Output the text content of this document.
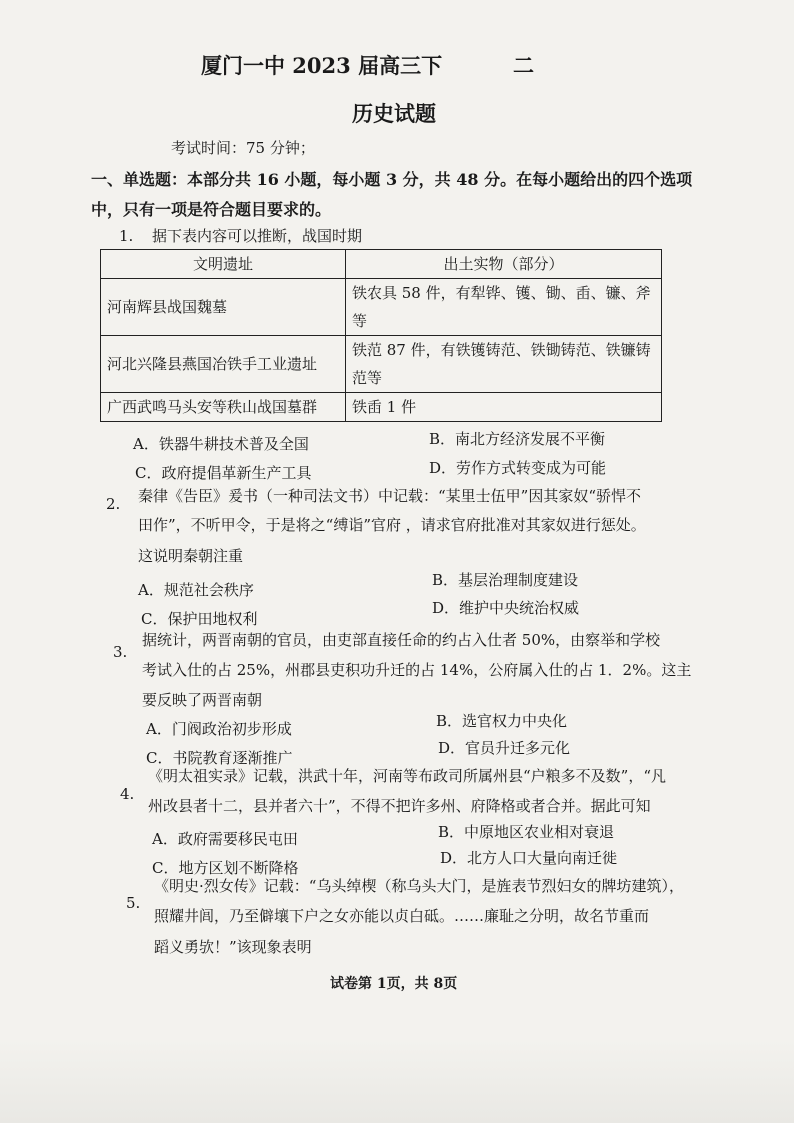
厦门一中 2023 届高三下	二
历史试题
考试时间：75 分钟；
一、单选题：本部分共 16 小题，每小题 3 分，共 48 分。在每小题给出的四个选项
中，只有一项是符合题目要求的。
1. 据下表内容可以推断，战国时期
文明遗址	出土实物（部分）
河南辉县战国魏墓	铁农具 58 件，有犁铧、镬、锄、臿、镰、斧
等

河北兴隆县燕国冶铁手工业遗址	铁范 87 件，有铁镬铸范、铁锄铸范、铁镰铸
范等

广西武鸣马头安等秩山战国墓群	铁臿 1 件
A．铁器牛耕技术普及全国	B．南北方经济发展不平衡
C．政府提倡革新生产工具	D．劳作方式转变成为可能
2. 秦律《告臣》爰书（一种司法文书）中记载：“某里士伍甲”因其家奴“骄悍不
田作”，不听甲令，于是将之“缚诣”官府 ，请求官府批准对其家奴进行惩处。
这说明秦朝注重
A．规范社会秩序
B．基层治理制度建设
C．保护田地权利
D．维护中央统治权威
3.
据统计，两晋南朝的官员，由吏部直接任命的约占入仕者 50%，由察举和学校
考试入仕的占 25%，州郡县吏积功升迁的占 14%，公府属入仕的占 1．2%。这主
要反映了两晋南朝
A．门阀政治初步形成	B．选官权力中央化
C．书院教育逐渐推广
D．官员升迁多元化
4.
《明太祖实录》记载，洪武十年，河南等布政司所属州县“户粮多不及数”，“凡
州改县者十二，县并者六十”，不得不把许多州、府降格或者合并。据此可知
A．政府需要移民屯田	B．中原地区农业相对衰退
C．地方区划不断降格
D．北方人口大量向南迁徙
5.
《明史·烈女传》记载：“乌头绰楔（称乌头大门，是旌表节烈妇女的牌坊建筑），
照耀井闾，乃至僻壤下户之女亦能以贞白砥。……廉耻之分明，故名节重而
蹈义勇欤！”该现象表明
试卷第 1页，共 8页
